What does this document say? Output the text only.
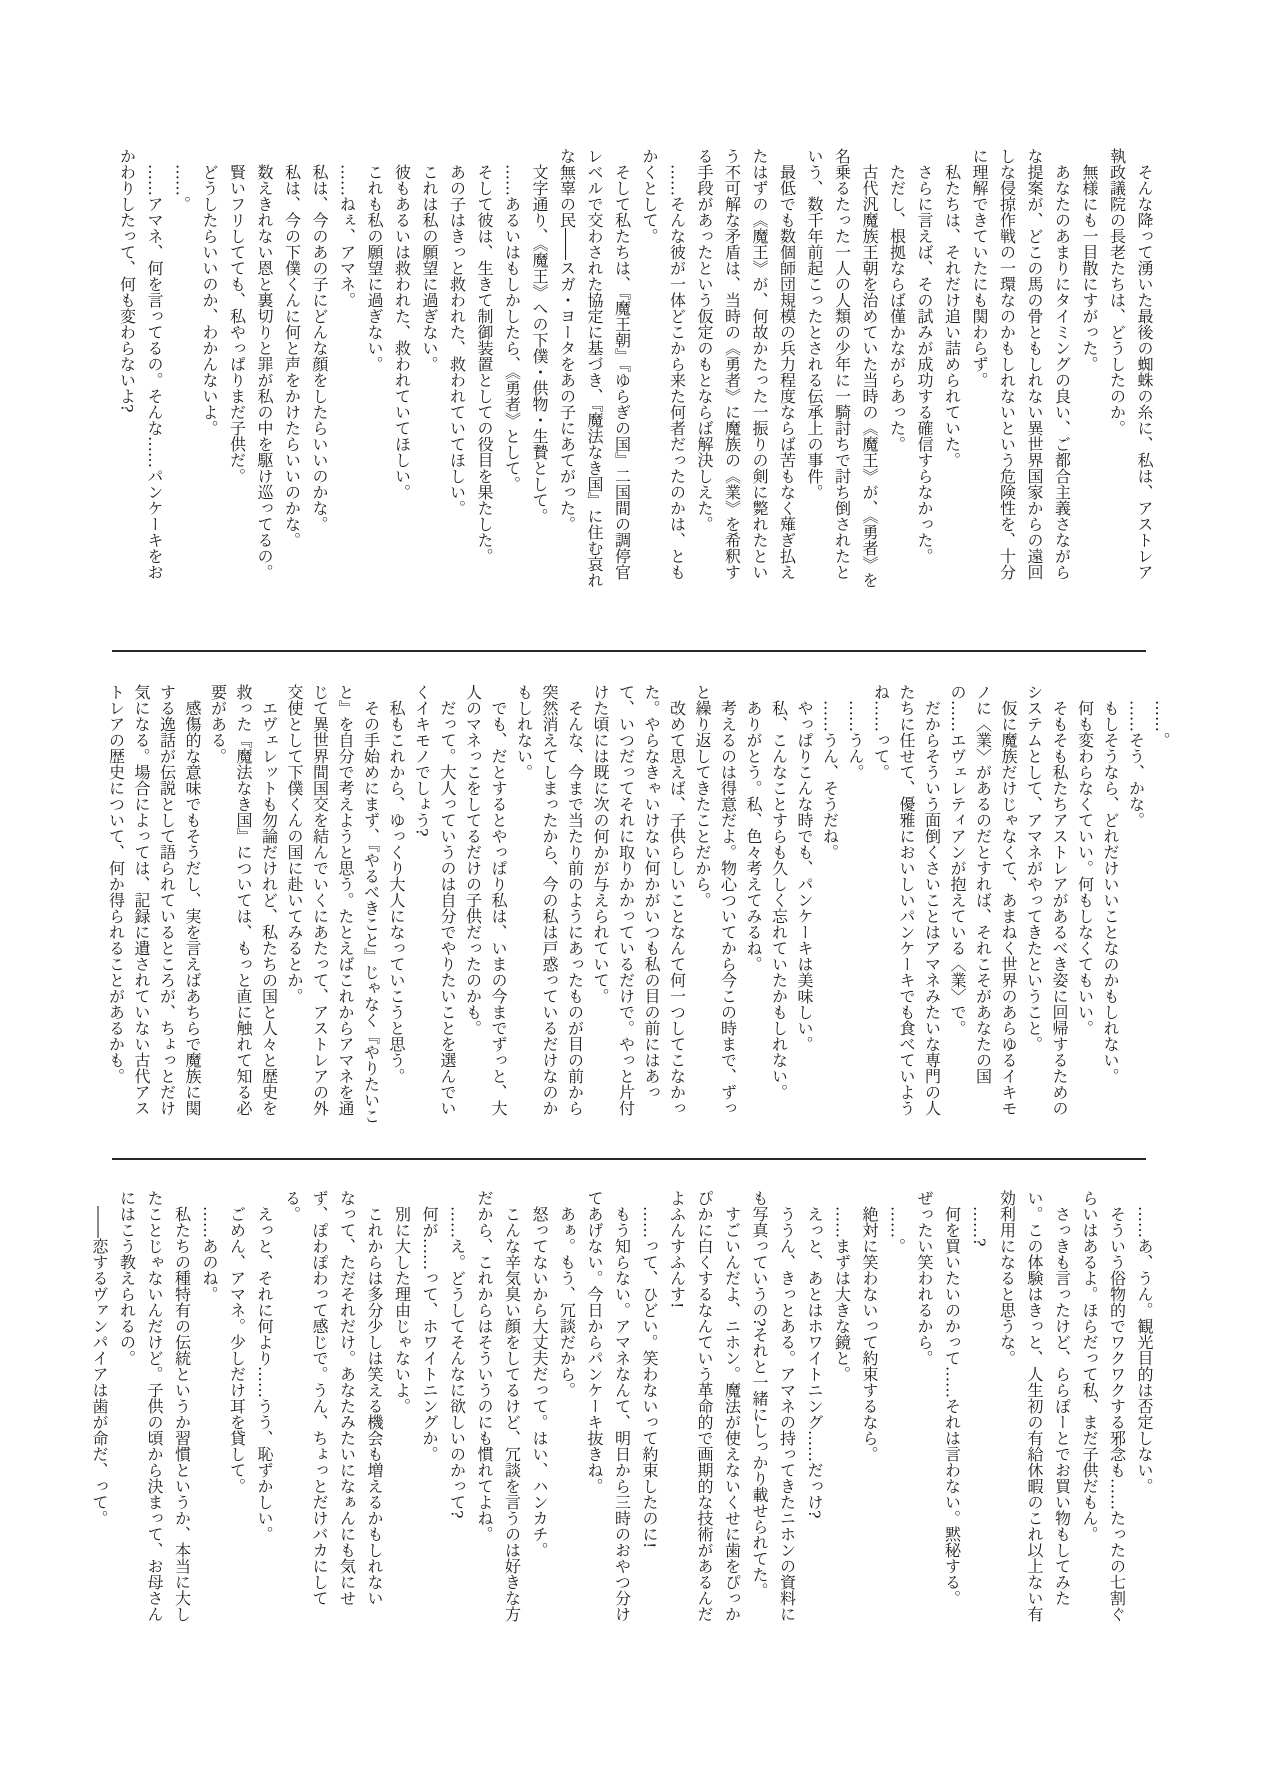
そんな降って湧いた最後の蜘蛛の糸に、私は、アストレア執政議院の長老たちは、どうしたのか。

無様にも一目散にすがった。

あなたのあまりにタイミングの良い、ご都合主義さながらな提案が、どこの馬の骨ともしれない異世界国家からの遠回しな侵掠作戦の一環なのかもしれないという危険性を、十分に理解できていたにも関わらず。

私たちは、それだけ追い詰められていた。

さらに言えば、その試みが成功する確信すらなかった。

ただし、根拠ならば僅かながらあった。

古代汎魔族王朝を治めていた当時の《魔王》が、《勇者》を名乗るたった一人の人類の少年に一騎討ちで討ち倒されたという、数千年前起こったとされる伝承上の事件。

最低でも数個師団規模の兵力程度ならば苦もなく薙ぎ払えたはずの《魔王》が、何故かたった一振りの剣に斃れたという不可解な矛盾は、当時の《勇者》に魔族の《業》を希釈する手段があったという仮定のもとならば解決しえた。

……そんな彼が一体どこから来た何者だったのかは、ともかくとして。

そして私たちは、『魔王朝』『ゆらぎの国』二国間の調停官レベルで交わされた協定に基づき、『魔法なき国』に住む哀れな無辜の民――スガ・ヨータをあの子にあてがった。

文字通り、《魔王》への下僕・供物・生贄として。

……あるいはもしかしたら、《勇者》として。

そして彼は、生きて制御装置としての役目を果たした。

あの子はきっと救われた、救われていてほしい。

これは私の願望に過ぎない。

彼もあるいは救われた、救われていてほしい。

これも私の願望に過ぎない。

……ねぇ、アマネ。

私は、今のあの子にどんな顔をしたらいいのかな。

私は、今の下僕くんに何と声をかけたらいいのかな。

数えきれない恩と裏切りと罪が私の中を駆け巡ってるの。

賢いフリしてても、私やっぱりまだ子供だ。

どうしたらいいのか、わかんないよ。

……。

……アマネ、何を言ってるの。そんな……パンケーキをおかわりしたって、何も変わらないよ?

……。

……そう、かな。

もしそうなら、どれだけいいことなのかもしれない。

何も変わらなくていい。何もしなくてもいい。

そもそも私たちアストレアがあるべき姿に回帰するためのシステムとして、アマネがやってきたということ。

仮に魔族だけじゃなくて、あまねく世界のあらゆるイキモノに〈業〉があるのだとすれば、それこそがあなたの国の……エヴェレティアンが抱えている〈業〉で。

だからそういう面倒くさいことはアマネみたいな専門の人たちに任せて、優雅においしいパンケーキでも食べていようね……って。

……うん。

……うん、そうだね。

やっぱりこんな時でも、パンケーキは美味しい。

私、こんなことすらも久しく忘れていたかもしれない。

ありがとう。私、色々考えてみるね。

考えるのは得意だよ。物心ついてから今この時まで、ずっと繰り返してきたことだから。

改めて思えば、子供らしいことなんて何一つしてこなかった。やらなきゃいけない何かがいつも私の目の前にはあって、いつだってそれに取りかかっているだけで。やっと片付けた頃には既に次の何かが与えられていて。

そんな、今まで当たり前のようにあったものが目の前から突然消えてしまったから、今の私は戸惑っているだけなのかもしれない。

でも、だとするとやっぱり私は、いまの今までずっと、大人のマネっこをしてるだけの子供だったのかも。

だって。大人っていうのは自分でやりたいことを選んでいくイキモノでしょう?

私もこれから、ゆっくり大人になっていこうと思う。

その手始めにまず、『やるべきこと』じゃなく『やりたいこと』を自分で考えようと思う。たとえばこれからアマネを通じて異世界間国交を結んでいくにあたって、アストレアの外交使として下僕くんの国に赴いてみるとか。

エヴェレットも勿論だけれど、私たちの国と人々と歴史を救った『魔法なき国』については、もっと直に触れて知る必要がある。

感傷的な意味でもそうだし、実を言えばあちらで魔族に関する逸話が伝説として語られているところが、ちょっとだけ気になる。場合によっては、記録に遺されていない古代アストレアの歴史について、何か得られることがあるかも。

……あ、うん。観光目的は否定しない。

そういう俗物的でワクワクする邪念も……たったの七割ぐらいはあるよ。ほらだって私、まだ子供だもん。

さっきも言ったけど、ららぽーとでお買い物もしてみたい。この体験はきっと、人生初の有給休暇のこれ以上ない有効利用になると思うな。

……?

何を買いたいのかって……それは言わない。黙秘する。ぜったい笑われるから。

……。

絶対に笑わないって約束するなら。

……まずは大きな鏡と。

えっと、あとはホワイトニング……だっけ?

ううん、きっとある。アマネの持ってきたニホンの資料にも写真っていうの?それと一緒にしっかり載せられてた。

すごいんだよ、ニホン。魔法が使えないくせに歯をぴっかぴかに白くするなんていう革命的で画期的な技術があるんだよふんすふんす!

……って、ひどい。笑わないって約束したのに!

もう知らない。アマネなんて、明日から三時のおやつ分けてあげない。今日からパンケーキ抜きね。

あぁ。もう、冗談だから。

怒ってないから大丈夫だって。はい、ハンカチ。

こんな辛気臭い顔をしてるけど、冗談を言うのは好きな方だから、これからはそういうのにも慣れてよね。

……え。どうしてそんなに欲しいのかって?

何が……って、ホワイトニングか。

別に大した理由じゃないよ。

これからは多分少しは笑える機会も増えるかもしれないなって、ただそれだけ。あなたみたいになぁんにも気にせず、ぽわぽわって感じで。うん、ちょっとだけバカにしてる。

えっと、それに何より……うう、恥ずかしい。

ごめん、アマネ。少しだけ耳を貸して。

……あのね。

私たちの種特有の伝統というか習慣というか、本当に大したことじゃないんだけど。子供の頃から決まって、お母さんにはこう教えられるの。

――恋するヴァンパイアは歯が命だ、って。
